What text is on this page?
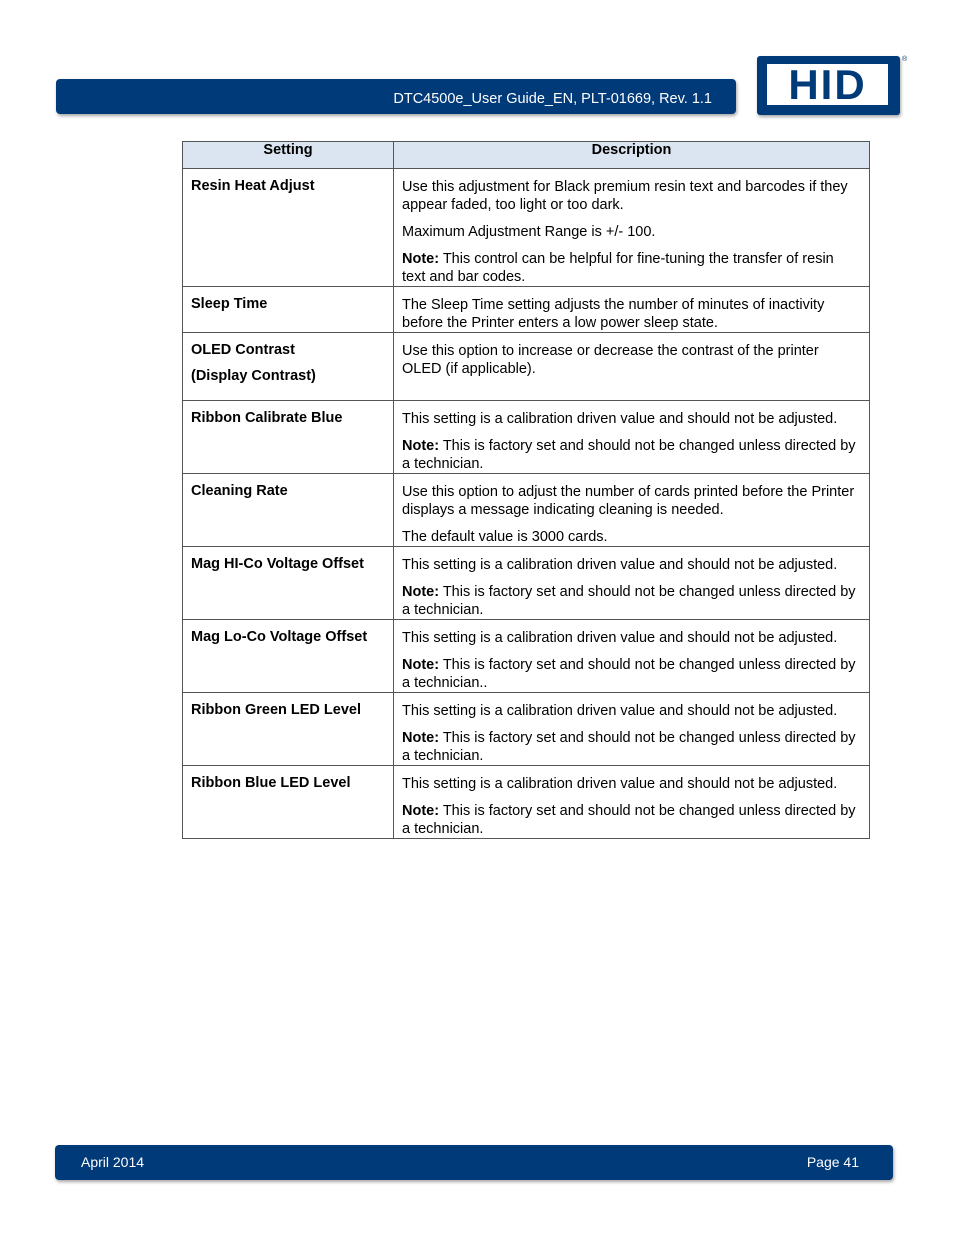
DTC4500e_User Guide_EN, PLT-01669, Rev. 1.1	HID
®
Setting	Description

Resin Heat Adjust	Use this adjustment for Black premium resin text and barcodes if they appear faded, too light or too dark.

Maximum Adjustment Range is +/- 100.

Note: This control can be helpful for fine-tuning the transfer of resin text and bar codes.

Sleep Time	The Sleep Time setting adjusts the number of minutes of inactivity before the Printer enters a low power sleep state.

OLED Contrast

(Display Contrast)	Use this option to increase or decrease the contrast of the printer OLED (if applicable).

Ribbon Calibrate Blue	This setting is a calibration driven value and should not be adjusted.

Note: This is factory set and should not be changed unless directed by a technician.

Cleaning Rate	Use this option to adjust the number of cards printed before the Printer displays a message indicating cleaning is needed.

The default value is 3000 cards.

Mag HI-Co Voltage Offset	This setting is a calibration driven value and should not be adjusted.

Note: This is factory set and should not be changed unless directed by a technician.

Mag Lo-Co Voltage Offset	This setting is a calibration driven value and should not be adjusted.

Note: This is factory set and should not be changed unless directed by a technician..

Ribbon Green LED Level	This setting is a calibration driven value and should not be adjusted.

Note: This is factory set and should not be changed unless directed by a technician.

Ribbon Blue LED Level	This setting is a calibration driven value and should not be adjusted.

Note: This is factory set and should not be changed unless directed by a technician.

April 2014	Page 41
